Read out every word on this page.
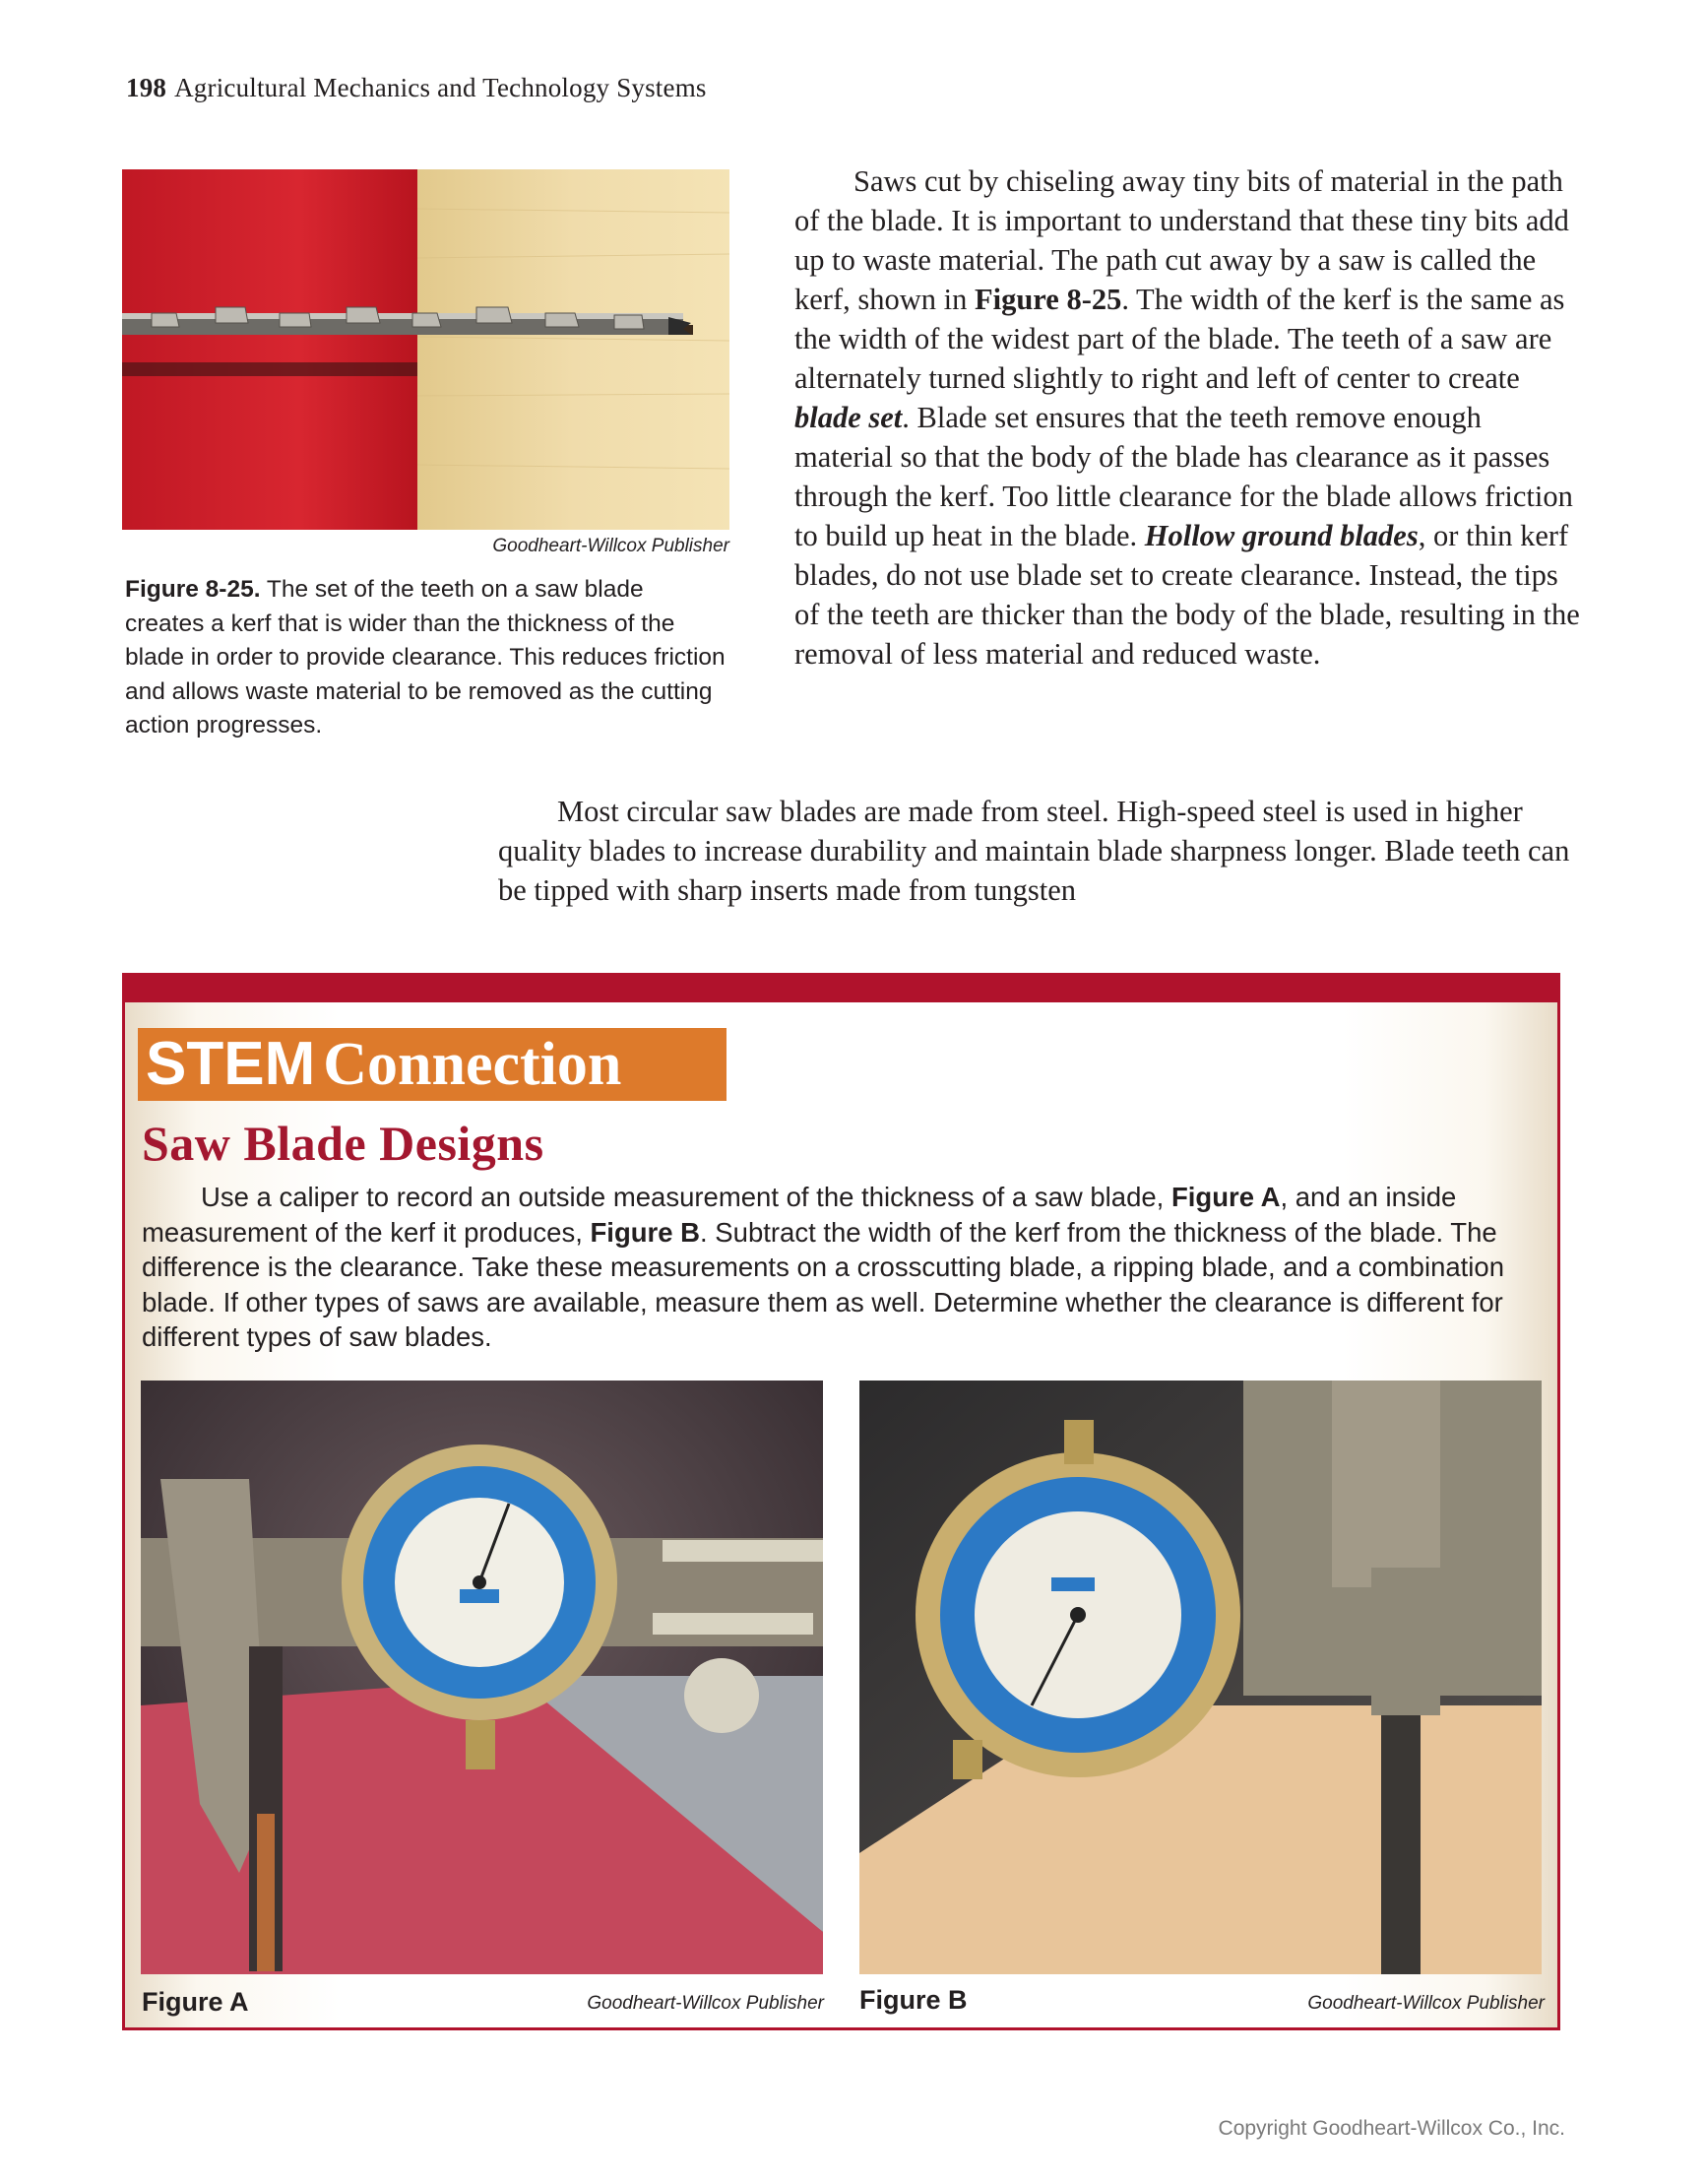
198 Agricultural Mechanics and Technology Systems
Goodheart-Willcox Publisher
Figure 8-25. The set of the teeth on a saw blade creates a kerf that is wider than the thickness of the blade in order to provide clearance. This reduces friction and allows waste material to be removed as the cutting action progresses.

Saws cut by chiseling away tiny bits of material in the path of the blade. It is important to understand that these tiny bits add up to waste material. The path cut away by a saw is called the kerf, shown in Figure 8-25. The width of the kerf is the same as the width of the widest part of the blade. The teeth of a saw are alternately turned slightly to right and left of center to create blade set. Blade set ensures that the teeth remove enough material so that the body of the blade has clearance as it passes through the kerf. Too little clearance for the blade allows friction to build up heat in the blade. Hollow ground blades, or thin kerf blades, do not use blade set to create clearance. Instead, the tips of the teeth are thicker than the body of the blade, resulting in the removal of less material and reduced waste.

Most circular saw blades are made from steel. High-speed steel is used in higher quality blades to increase durability and maintain blade sharpness longer. Blade teeth can be tipped with sharp inserts made from tungsten

STEM Connection
Saw Blade Designs

Use a caliper to record an outside measurement of the thickness of a saw blade, Figure A, and an inside measurement of the kerf it produces, Figure B. Subtract the width of the kerf from the thickness of the blade. The difference is the clearance. Take these measurements on a crosscutting blade, a ripping blade, and a combination blade. If other types of saws are available, measure them as well. Determine whether the clearance is different for different types of saw blades.

Figure A	Goodheart-Willcox Publisher Figure B	Goodheart-Willcox Publisher
Copyright Goodheart-Willcox Co., Inc.
